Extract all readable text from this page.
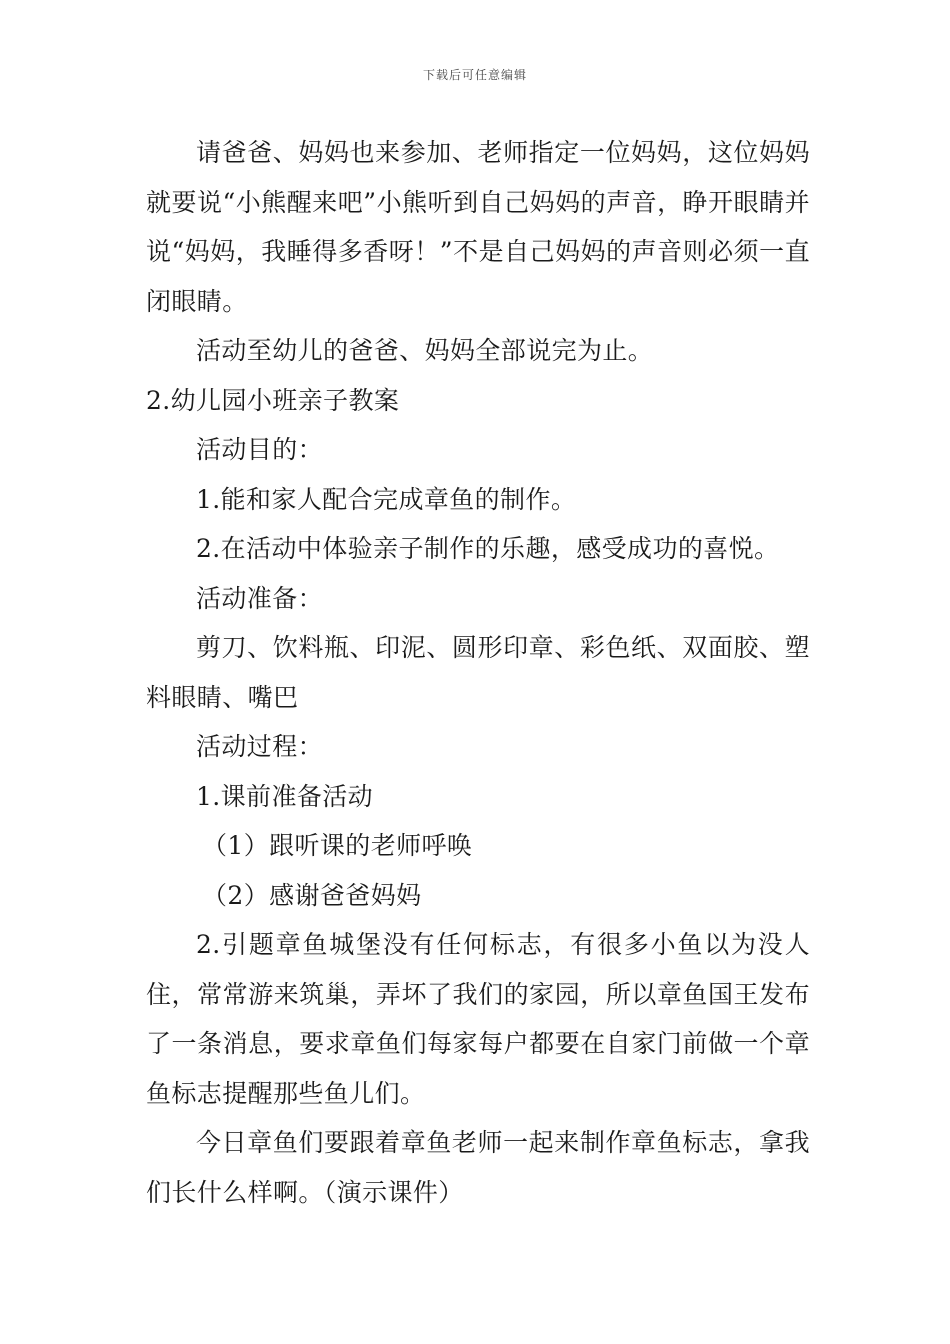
下载后可任意编辑

请爸爸、妈妈也来参加、老师指定一位妈妈，这位妈妈就要说“小熊醒来吧”小熊听到自己妈妈的声音，睁开眼睛并说“妈妈，我睡得多香呀！”不是自己妈妈的声音则必须一直闭眼睛。

活动至幼儿的爸爸、妈妈全部说完为止。

2.幼儿园小班亲子教案

活动目的：

1.能和家人配合完成章鱼的制作。

2.在活动中体验亲子制作的乐趣，感受成功的喜悦。

活动准备：

剪刀、饮料瓶、印泥、圆形印章、彩色纸、双面胶、塑料眼睛、嘴巴

活动过程：

1.课前准备活动

（1）跟听课的老师呼唤

（2）感谢爸爸妈妈

2.引题章鱼城堡没有任何标志，有很多小鱼以为没人住，常常游来筑巢，弄坏了我们的家园，所以章鱼国王发布了一条消息，要求章鱼们每家每户都要在自家门前做一个章鱼标志提醒那些鱼儿们。

今日章鱼们要跟着章鱼老师一起来制作章鱼标志，拿我们长什么样啊。（演示课件）
